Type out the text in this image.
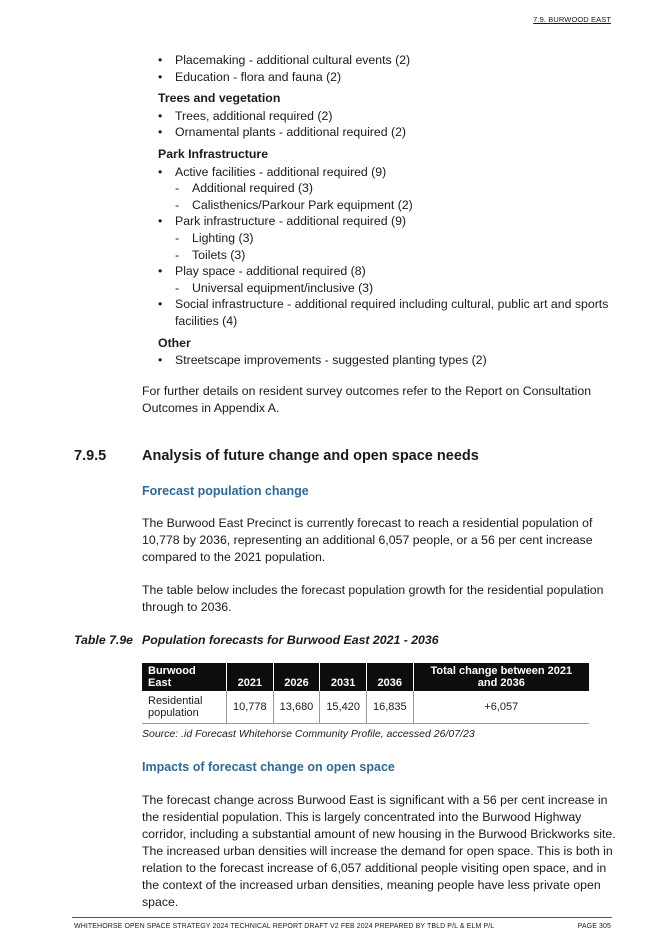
7.9. BURWOOD EAST
• Placemaking - additional cultural events (2)
• Education - flora and fauna (2)
Trees and vegetation
• Trees, additional required (2)
• Ornamental plants - additional required (2)
Park Infrastructure
• Active facilities - additional required (9)
- Additional required (3)
- Calisthenics/Parkour Park equipment (2)
• Park infrastructure - additional required (9)
- Lighting (3)
- Toilets (3)
• Play space - additional required (8)
- Universal equipment/inclusive (3)
• Social infrastructure - additional required including cultural, public art and sports facilities (4)
Other
• Streetscape improvements - suggested planting types (2)
For further details on resident survey outcomes refer to the Report on Consultation Outcomes in Appendix A.
7.9.5 Analysis of future change and open space needs
Forecast population change
The Burwood East Precinct is currently forecast to reach a residential population of 10,778 by 2036, representing an additional 6,057 people, or a 56 per cent increase compared to the 2021 population.
The table below includes the forecast population growth for the residential population through to 2036.
Table 7.9e Population forecasts for Burwood East 2021 - 2036
Burwood East	2021	2026	2031	2036	Total change between 2021 and 2036
Residential population	10,778	13,680	15,420	16,835	+6,057
Source: .id Forecast Whitehorse Community Profile, accessed 26/07/23
Impacts of forecast change on open space
The forecast change across Burwood East is significant with a 56 per cent increase in the residential population. This is largely concentrated into the Burwood Highway corridor, including a substantial amount of new housing in the Burwood Brickworks site. The increased urban densities will increase the demand for open space. This is both in relation to the forecast increase of 6,057 additional people visiting open space, and in the context of the increased urban densities, meaning people have less private open space.
WHITEHORSE OPEN SPACE STRATEGY 2024 TECHNICAL REPORT DRAFT V2 FEB 2024 PREPARED BY TBLD P/L & ELM P/L	PAGE 305
